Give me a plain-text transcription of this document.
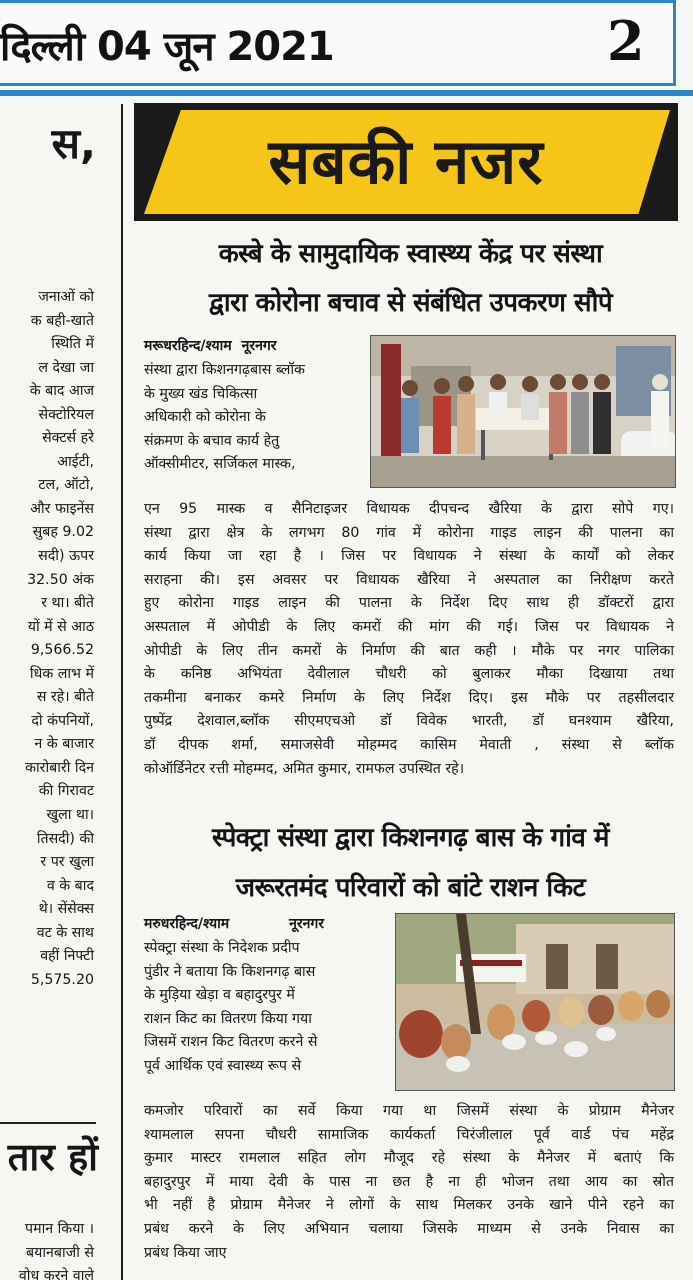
दिल्ली 04 जून 2021	2
स,
जनाओं को
क बही-खाते
स्थिति में
ल देखा जा
के बाद आज
सेक्टोरियल
सेक्टर्स हरे
आईटी,
टल, ऑटो,
और फाइनेंस
सुबह 9.02
सदी) ऊपर
32.50 अंक
र था। बीते
यों में से आठ
9,566.52
धिक लाभ में
स रहे। बीते
दो कंपनियों,
न के बाजार
कारोबारी दिन
की गिरावट
खुला था।
तिसदी) की
र पर खुला
व के बाद
थे। सेंसेक्स
वट के साथ
वहीं निफ्टी
5,575.20
तार हों
पमान किया ।
बयानबाजी से
वोध करने वाले
सबकी नजर
कस्बे के सामुदायिक स्वास्थ्य केंद्र पर संस्था
द्वारा कोरोना बचाव से संबंधित उपकरण सौपे
मरूधरहिन्द/श्याम नूरनगर
संस्था द्वारा किशनगढ़बास ब्लॉक
के मुख्य खंड चिकित्सा
अधिकारी को कोरोना के
संक्रमण के बचाव कार्य हेतु
ऑक्सीमीटर, सर्जिकल मास्क,
एन 95 मास्क व सैनिटाइजर विधायक दीपचन्द खैरिया के द्वारा सोपे गए।
संस्था द्वारा क्षेत्र के लगभग 80 गांव में कोरोना गाइड लाइन की पालना का
कार्य किया जा रहा है । जिस पर विधायक ने संस्था के कार्यों को लेकर
सराहना की। इस अवसर पर विधायक खैरिया ने अस्पताल का निरीक्षण करते
हुए कोरोना गाइड लाइन की पालना के निर्देश दिए साथ ही डॉक्टरों द्वारा
अस्पताल में ओपीडी के लिए कमरों की मांग की गई। जिस पर विधायक ने
ओपीडी के लिए तीन कमरों के निर्माण की बात कही । मौके पर नगर पालिका
के कनिष्ठ अभियंता देवीलाल चौधरी को बुलाकर मौका दिखाया तथा
तकमीना बनाकर कमरे निर्माण के लिए निर्देश दिए। इस मौके पर तहसीलदार
पुष्पेंद्र देशवाल,ब्लॉक सीएमएचओ डॉ विवेक भारती, डॉ घनश्याम खैरिया,
डॉ दीपक शर्मा, समाजसेवी मोहम्मद कासिम मेवाती , संस्था से ब्लॉक
कोऑर्डिनेटर रत्ती मोहम्मद, अमित कुमार, रामफल उपस्थित रहे।
स्पेक्ट्रा संस्था द्वारा किशनगढ़ बास के गांव में
जरूरतमंद परिवारों को बांटे राशन किट
मरुधरहिन्द/श्याम	नूरनगर
स्पेक्ट्रा संस्था के निदेशक प्रदीप
पुंडीर ने बताया कि किशनगढ़ बास
के मुड़िया खेड़ा व बहादुरपुर में
राशन किट का वितरण किया गया
जिसमें राशन किट वितरण करने से
पूर्व आर्थिक एवं स्वास्थ्य रूप से
कमजोर परिवारों का सर्वे किया गया था जिसमें संस्था के प्रोग्राम मैनेजर
श्यामलाल सपना चौधरी सामाजिक कार्यकर्ता चिरंजीलाल पूर्व वार्ड पंच महेंद्र
कुमार मास्टर रामलाल सहित लोग मौजूद रहे संस्था के मैनेजर में बताएं कि
बहादुरपुर में माया देवी के पास ना छत है ना ही भोजन तथा आय का स्रोत
भी नहीं है प्रोग्राम मैनेजर ने लोगों के साथ मिलकर उनके खाने पीने रहने का
प्रबंध करने के लिए अभियान चलाया जिसके माध्यम से उनके निवास का
प्रबंध किया जाए
